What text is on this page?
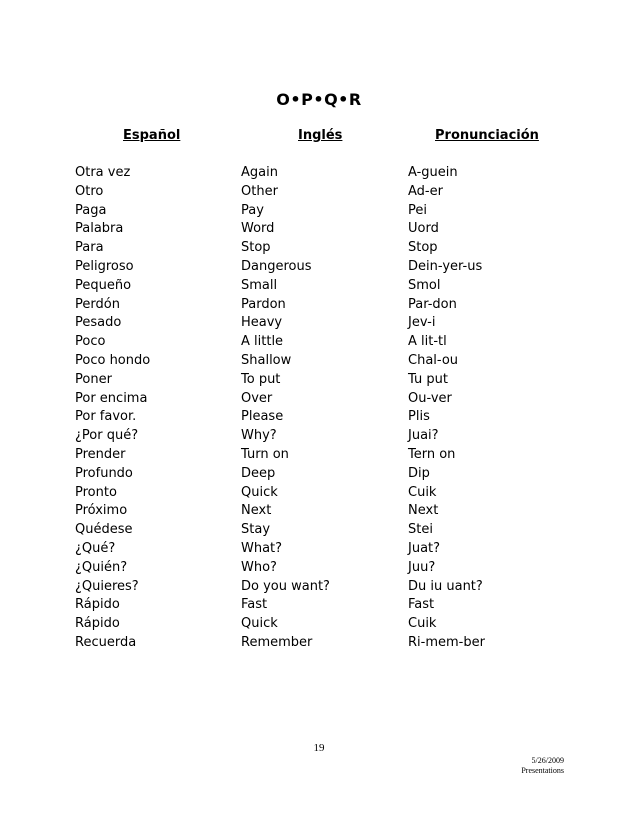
O•P•Q•R
Español	Inglés	Pronunciación
Otra vez	Again	A-guein
Otro	Other	Ad-er
Paga	Pay	Pei
Palabra	Word	Uord
Para	Stop	Stop
Peligroso	Dangerous	Dein-yer-us
Pequeño	Small	Smol
Perdón	Pardon	Par-don
Pesado	Heavy	Jev-i
Poco	A little	A lit-tl
Poco hondo	Shallow	Chal-ou
Poner	To put	Tu put
Por encima	Over	Ou-ver
Por favor.	Please	Plis
¿Por qué?	Why?	Juai?
Prender	Turn on	Tern on
Profundo	Deep	Dip
Pronto	Quick	Cuik
Próximo	Next	Next
Quédese	Stay	Stei
¿Qué?	What?	Juat?
¿Quién?	Who?	Juu?
¿Quieres?	Do you want?	Du iu uant?
Rápido	Fast	Fast
Rápido	Quick	Cuik
Recuerda	Remember	Ri-mem-ber
19
5/26/2009
Presentations
